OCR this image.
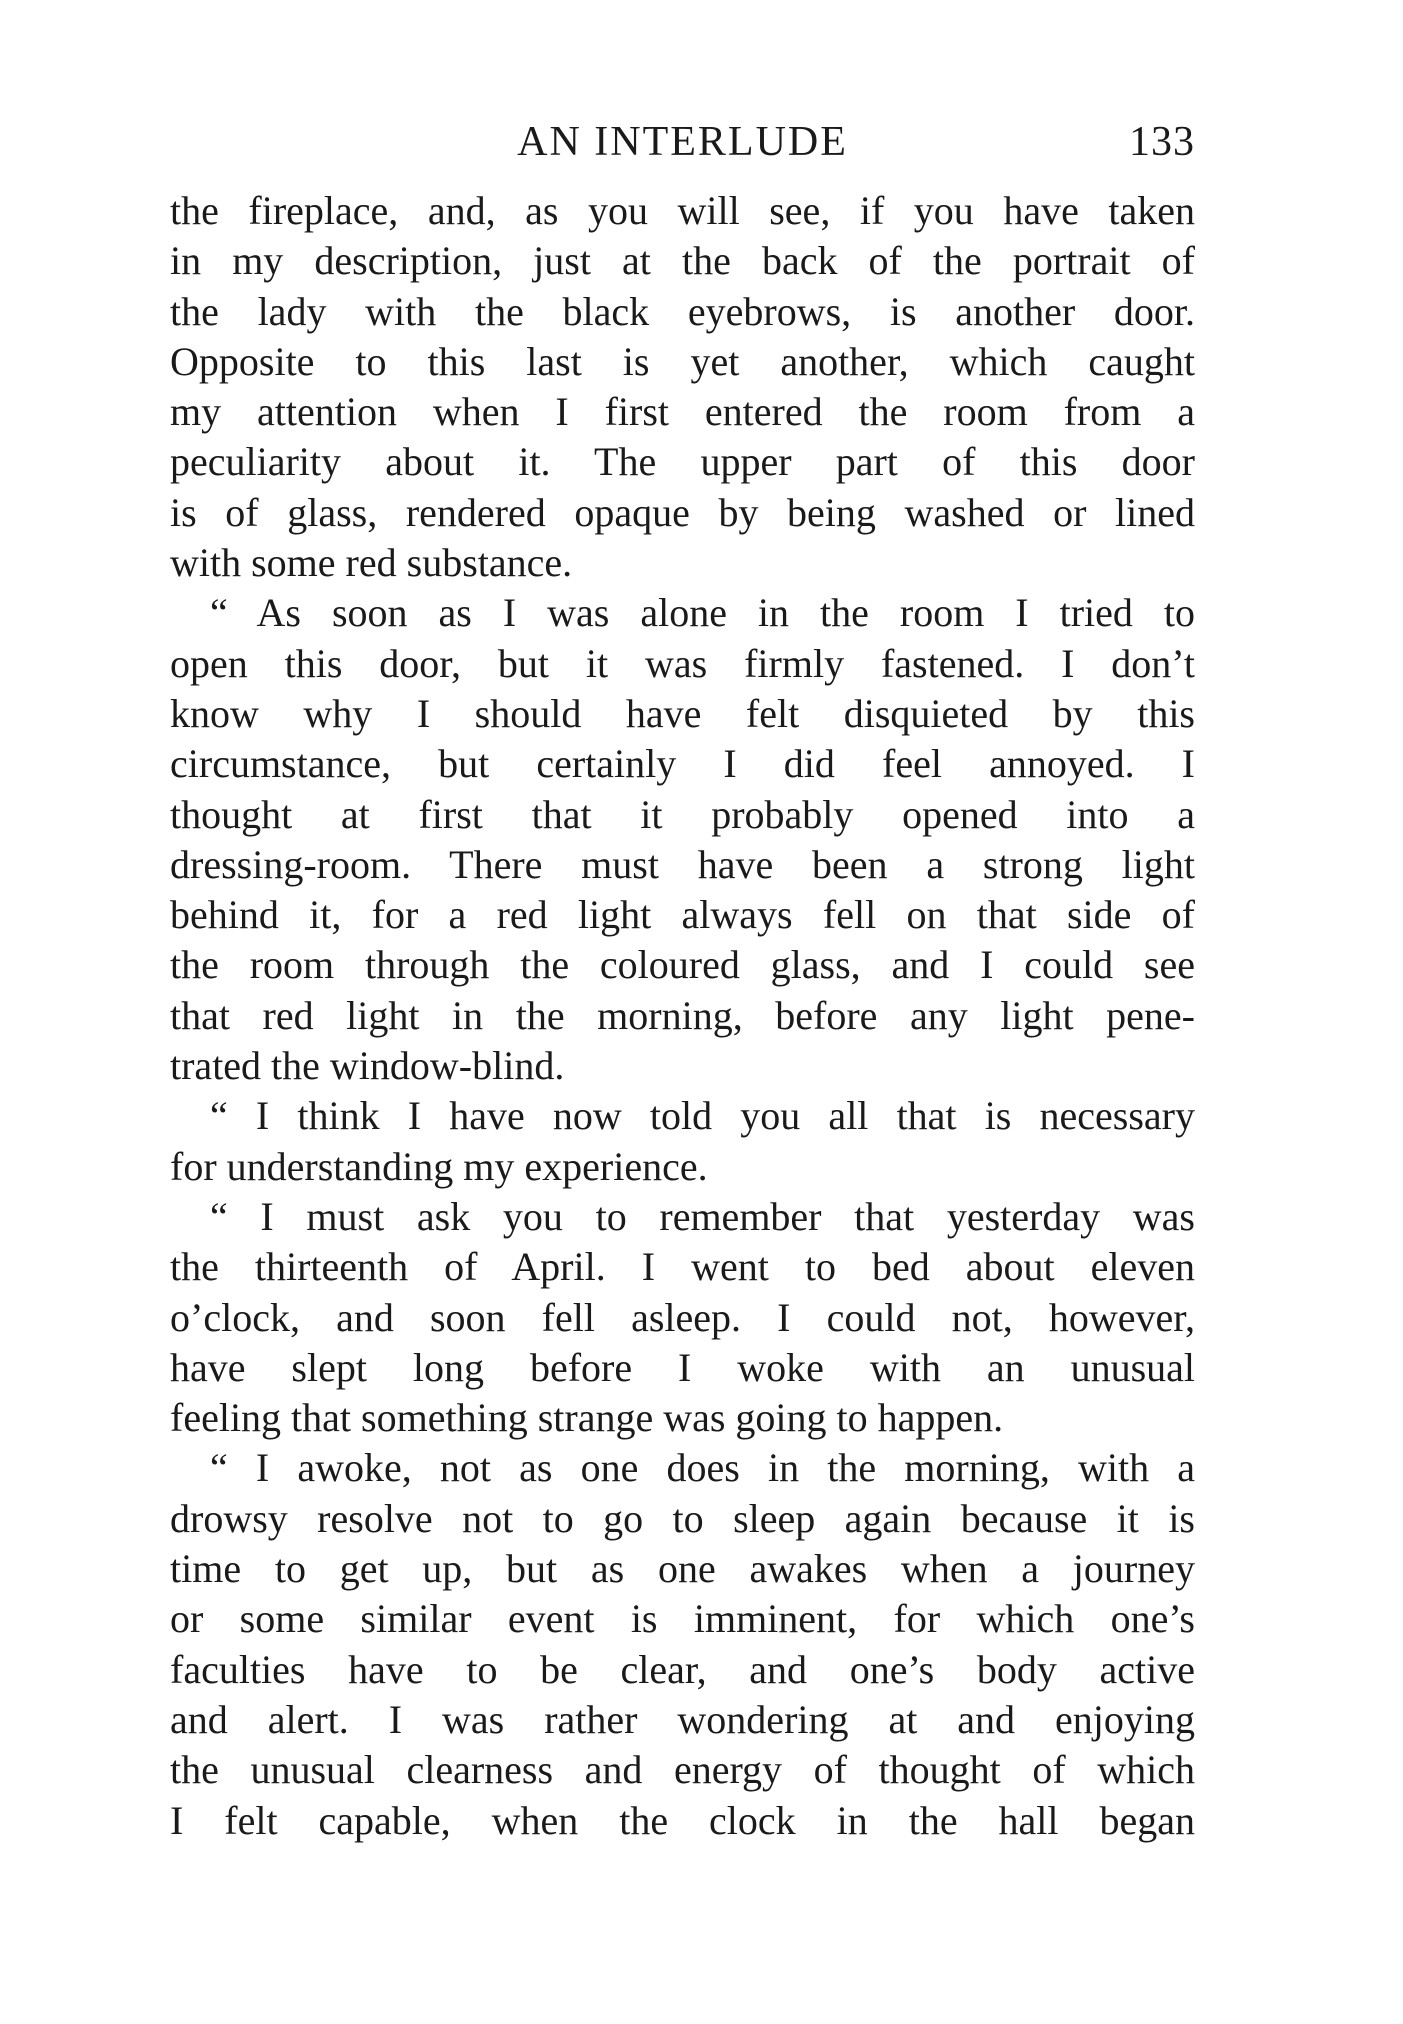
AN INTERLUDE	133
the fireplace, and, as you will see, if you have taken
in my description, just at the back of the portrait of
the lady with the black eyebrows, is another door.
Opposite to this last is yet another, which caught
my attention when I first entered the room from a
peculiarity about it. The upper part of this door
is of glass, rendered opaque by being washed or lined
with some red substance.
“ As soon as I was alone in the room I tried to
open this door, but it was firmly fastened. I don’t
know why I should have felt disquieted by this
circumstance, but certainly I did feel annoyed. I
thought at first that it probably opened into a
dressing-room. There must have been a strong light
behind it, for a red light always fell on that side of
the room through the coloured glass, and I could see
that red light in the morning, before any light pene-
trated the window-blind.
“ I think I have now told you all that is necessary
for understanding my experience.
“ I must ask you to remember that yesterday was
the thirteenth of April. I went to bed about eleven
o’clock, and soon fell asleep. I could not, however,
have slept long before I woke with an unusual
feeling that something strange was going to happen.
“ I awoke, not as one does in the morning, with a
drowsy resolve not to go to sleep again because it is
time to get up, but as one awakes when a journey
or some similar event is imminent, for which one’s
faculties have to be clear, and one’s body active
and alert. I was rather wondering at and enjoying
the unusual clearness and energy of thought of which
I felt capable, when the clock in the hall began
